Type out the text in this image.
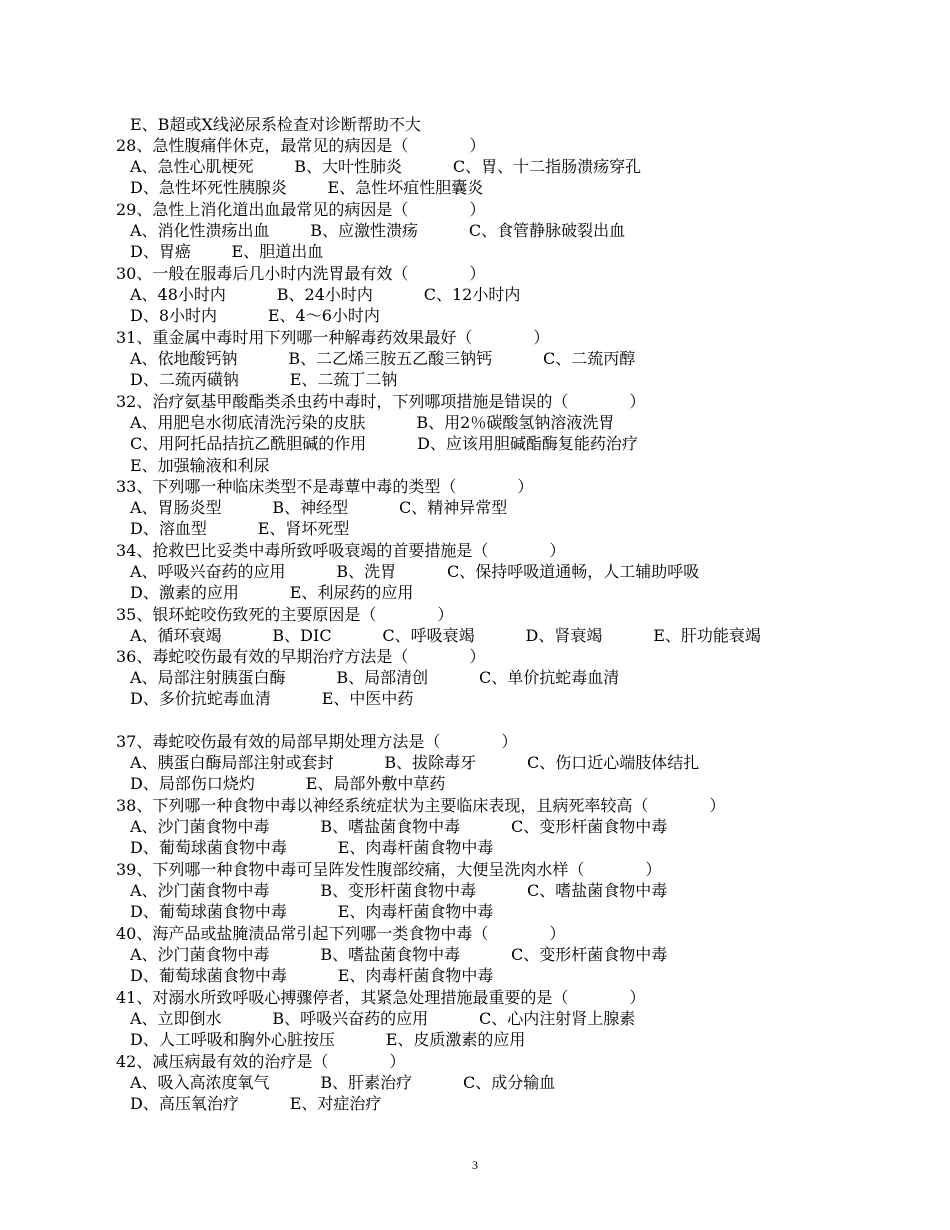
E、B超或X线泌尿系检查对诊断帮助不大
28、急性腹痛伴休克，最常见的病因是（            ）
A、急性心肌梗死        B、大叶性肺炎          C、胃、十二指肠溃疡穿孔
D、急性坏死性胰腺炎        E、急性坏疽性胆囊炎
29、急性上消化道出血最常见的病因是（            ）
A、消化性溃疡出血        B、应激性溃疡          C、食管静脉破裂出血
D、胃癌        E、胆道出血
30、一般在服毒后几小时内洗胃最有效（            ）
A、48小时内          B、24小时内          C、12小时内
D、8小时内          E、4～6小时内
31、重金属中毒时用下列哪一种解毒药效果最好（            ）
A、依地酸钙钠          B、二乙烯三胺五乙酸三钠钙          C、二巯丙醇
D、二巯丙磺钠          E、二巯丁二钠
32、治疗氨基甲酸酯类杀虫药中毒时，下列哪项措施是错误的（            ）
A、用肥皂水彻底清洗污染的皮肤          B、用2％碳酸氢钠溶液洗胃
C、用阿托品拮抗乙酰胆碱的作用          D、应该用胆碱酯酶复能药治疗
E、加强输液和利尿
33、下列哪一种临床类型不是毒蕈中毒的类型（            ）
A、胃肠炎型          B、神经型          C、精神异常型
D、溶血型          E、肾坏死型
34、抢救巴比妥类中毒所致呼吸衰竭的首要措施是（            ）
A、呼吸兴奋药的应用          B、洗胃          C、保持呼吸道通畅，人工辅助呼吸
D、激素的应用          E、利尿药的应用
35、银环蛇咬伤致死的主要原因是（            ）
A、循环衰竭          B、DIC          C、呼吸衰竭          D、肾衰竭          E、肝功能衰竭
36、毒蛇咬伤最有效的早期治疗方法是（            ）
A、局部注射胰蛋白酶          B、局部清创          C、单价抗蛇毒血清
D、多价抗蛇毒血清          E、中医中药
37、毒蛇咬伤最有效的局部早期处理方法是（            ）
A、胰蛋白酶局部注射或套封          B、拔除毒牙          C、伤口近心端肢体结扎
D、局部伤口烧灼          E、局部外敷中草药
38、下列哪一种食物中毒以神经系统症状为主要临床表现，且病死率较高（            ）
A、沙门菌食物中毒          B、嗜盐菌食物中毒          C、变形杆菌食物中毒
D、葡萄球菌食物中毒          E、肉毒杆菌食物中毒
39、下列哪一种食物中毒可呈阵发性腹部绞痛，大便呈洗肉水样（            ）
A、沙门菌食物中毒          B、变形杆菌食物中毒          C、嗜盐菌食物中毒
D、葡萄球菌食物中毒          E、肉毒杆菌食物中毒
40、海产品或盐腌渍品常引起下列哪一类食物中毒（            ）
A、沙门菌食物中毒          B、嗜盐菌食物中毒          C、变形杆菌食物中毒
D、葡萄球菌食物中毒          E、肉毒杆菌食物中毒
41、对溺水所致呼吸心搏骤停者，其紧急处理措施最重要的是（            ）
A、立即倒水          B、呼吸兴奋药的应用          C、心内注射肾上腺素
D、人工呼吸和胸外心脏按压          E、皮质激素的应用
42、减压病最有效的治疗是（            ）
A、吸入高浓度氧气          B、肝素治疗          C、成分输血
D、高压氧治疗          E、对症治疗
3
